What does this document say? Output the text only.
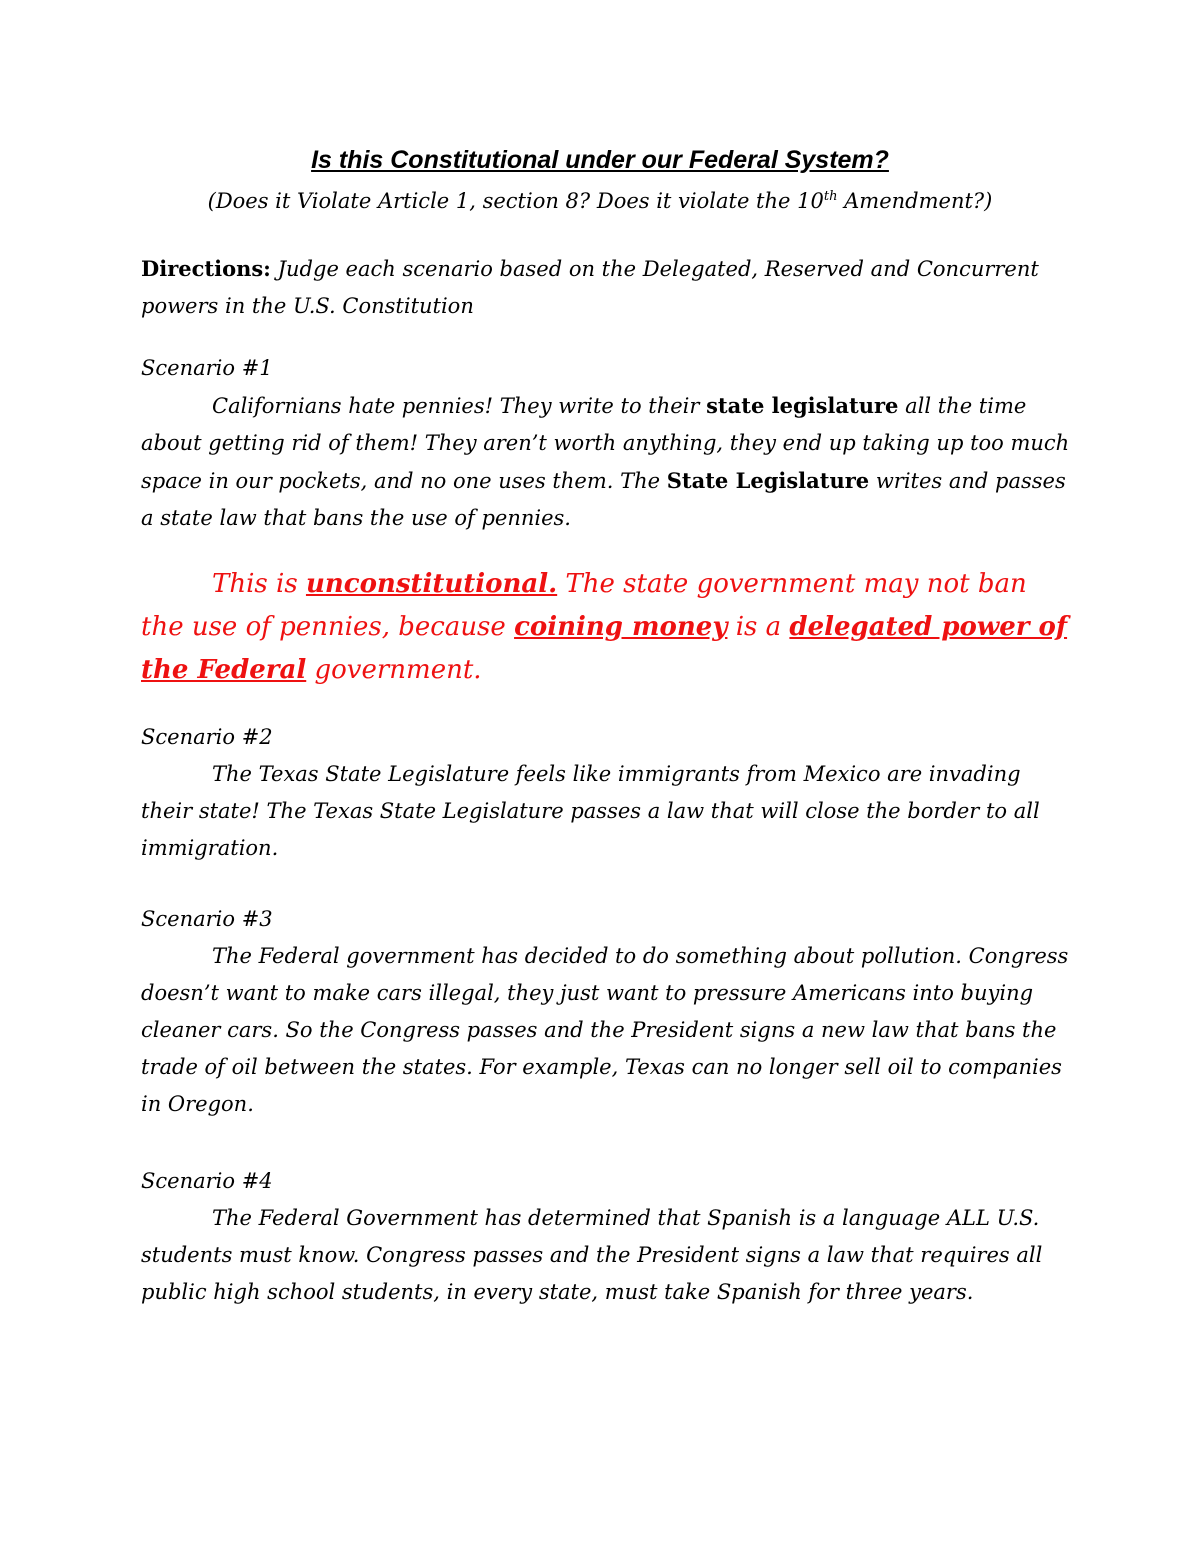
Is this Constitutional under our Federal System?
(Does it Violate Article 1, section 8? Does it violate the 10th Amendment?)
Directions: Judge each scenario based on the Delegated, Reserved and Concurrent powers in the U.S. Constitution

Scenario #1

Californians hate pennies! They write to their state legislature all the time about getting rid of them! They aren’t worth anything, they end up taking up too much space in our pockets, and no one uses them. The State Legislature writes and passes a state law that bans the use of pennies.

This is unconstitutional. The state government may not ban the use of pennies, because coining money is a delegated power of the Federal government.

Scenario #2

The Texas State Legislature feels like immigrants from Mexico are invading their state! The Texas State Legislature passes a law that will close the border to all immigration.

Scenario #3

The Federal government has decided to do something about pollution. Congress doesn’t want to make cars illegal, they just want to pressure Americans into buying cleaner cars. So the Congress passes and the President signs a new law that bans the trade of oil between the states. For example, Texas can no longer sell oil to companies in Oregon.

Scenario #4

The Federal Government has determined that Spanish is a language ALL U.S. students must know. Congress passes and the President signs a law that requires all public high school students, in every state, must take Spanish for three years.
